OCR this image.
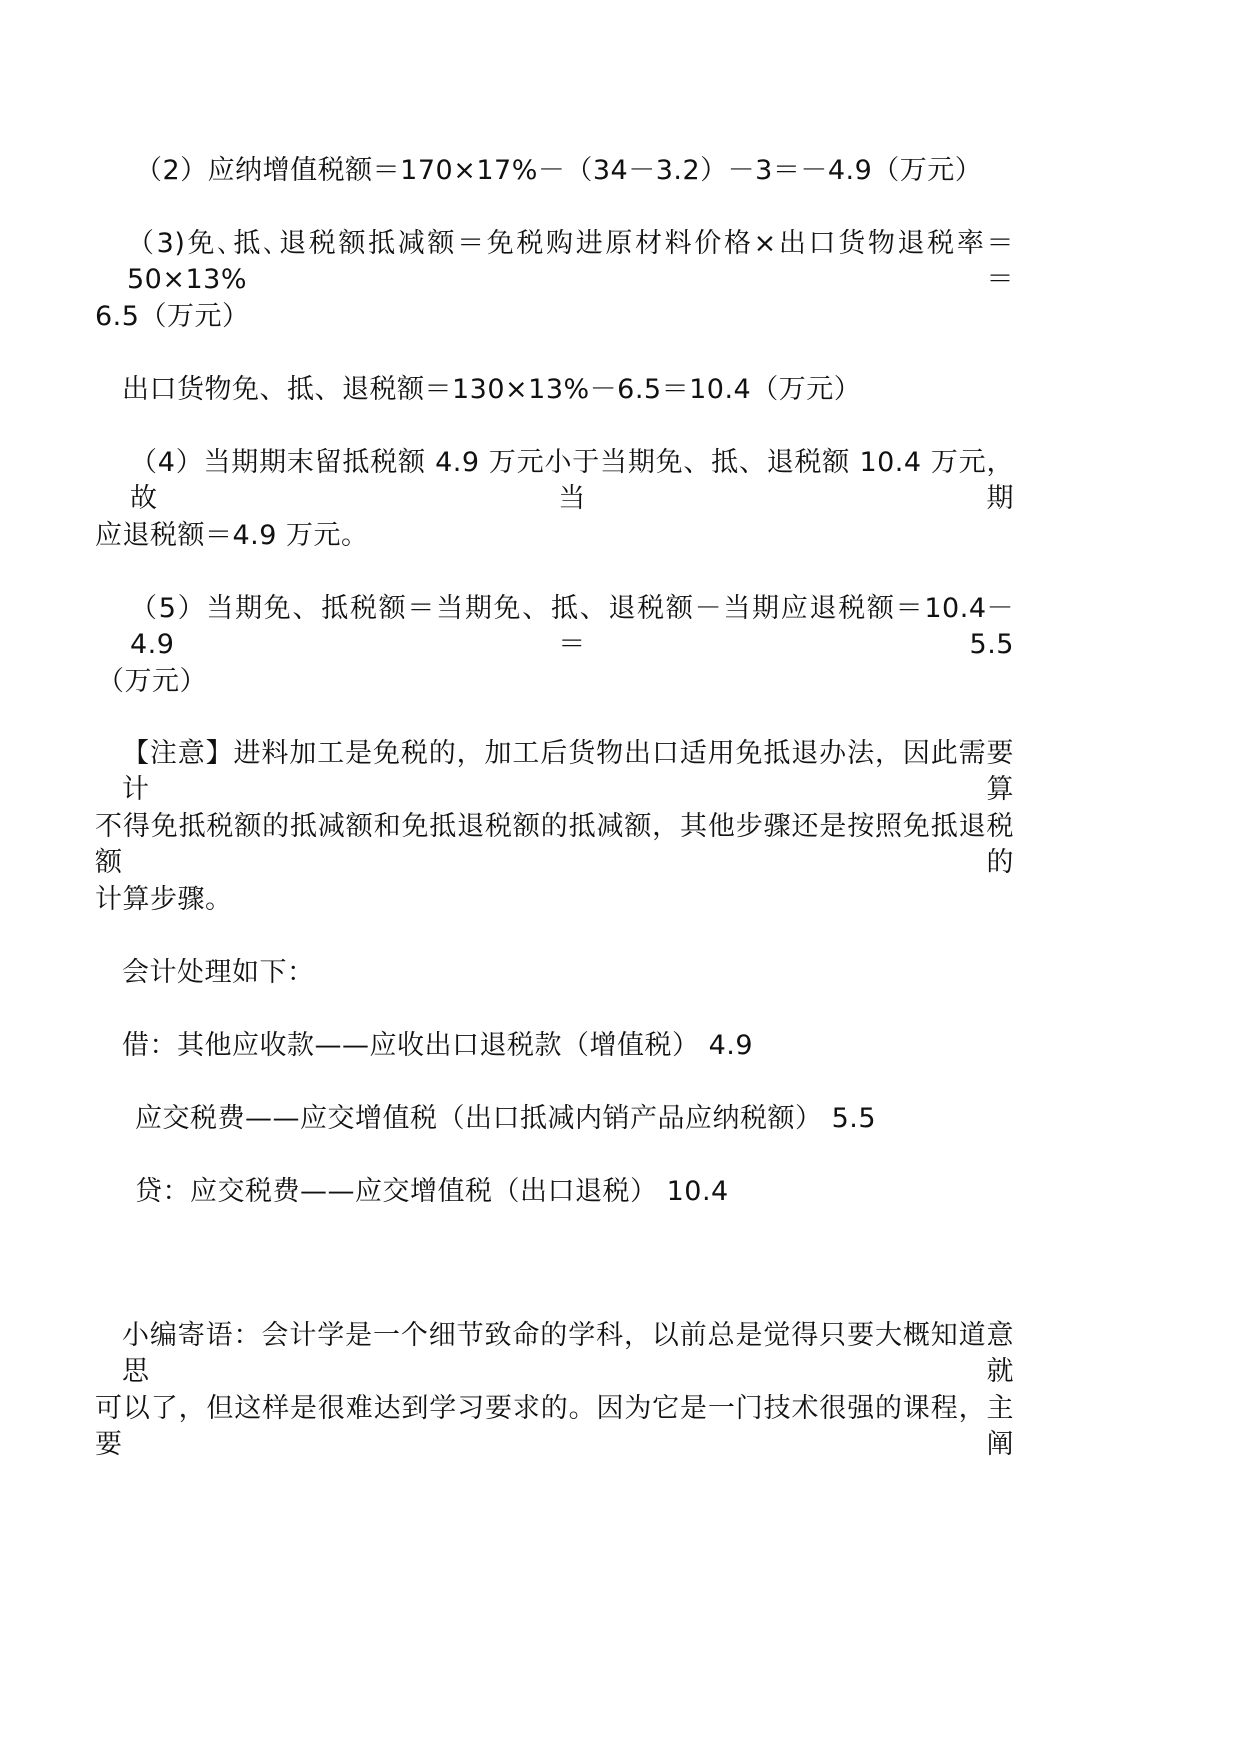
（2）应纳增值税额＝170×17%－（34－3.2）－3＝－4.9（万元）
（3)免､抵､退税额抵减额＝免税购进原材料价格×出口货物退税率＝50×13%＝
6.5（万元）
出口货物免、抵、退税额＝130×13%－6.5＝10.4（万元）
（4）当期期末留抵税额 4.9 万元小于当期免、抵、退税额 10.4 万元，故当期
应退税额＝4.9 万元。
（5）当期免、抵税额＝当期免、抵、退税额－当期应退税额＝10.4－4.9＝5.5
（万元）
【注意】进料加工是免税的，加工后货物出口适用免抵退办法，因此需要计算
不得免抵税额的抵减额和免抵退税额的抵减额，其他步骤还是按照免抵退税额的
计算步骤。
会计处理如下：
借：其他应收款——应收出口退税款（增值税） 4.9
应交税费——应交增值税（出口抵减内销产品应纳税额） 5.5
贷：应交税费——应交增值税（出口退税） 10.4
小编寄语：会计学是一个细节致命的学科，以前总是觉得只要大概知道意思就
可以了，但这样是很难达到学习要求的。因为它是一门技术很强的课程，主要阐
